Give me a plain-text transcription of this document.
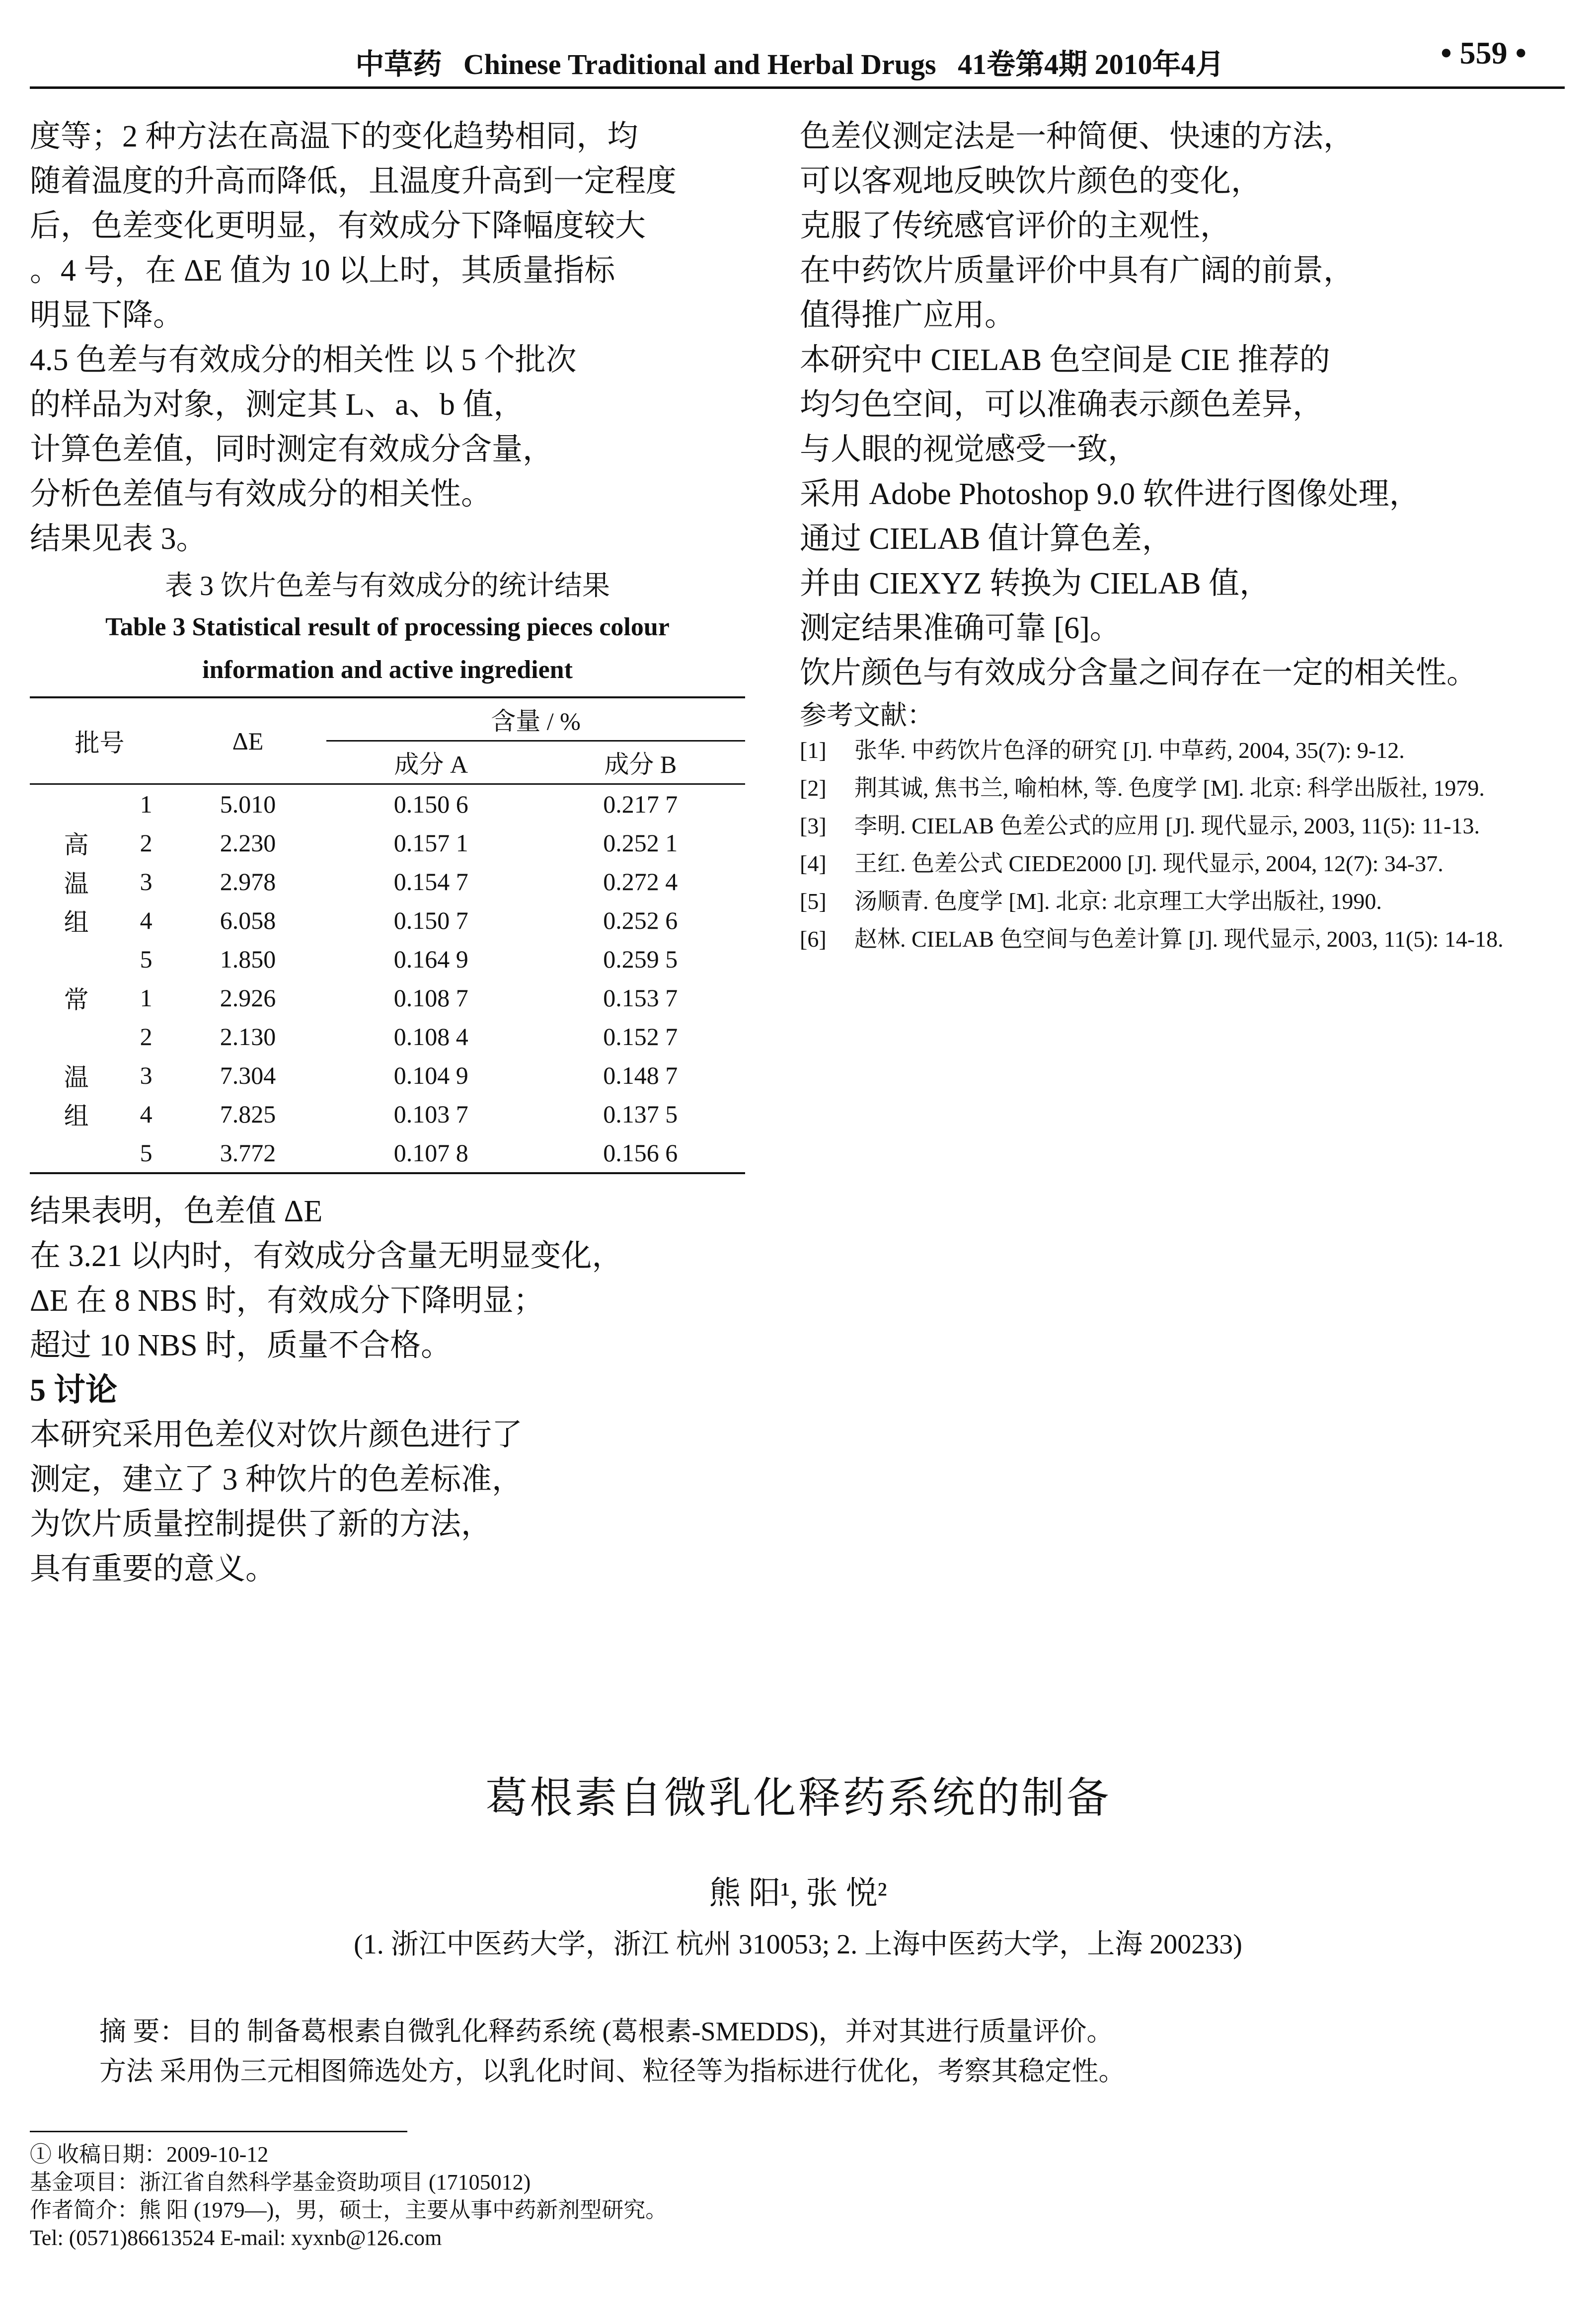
中草药 Chinese Traditional and Herbal Drugs 41卷第4期 2010年4月	• 559 •
度等；2 种方法在高温下的变化趋势相同，均
随着温度的升高而降低，且温度升高到一定程度
后，色差变化更明显，有效成分下降幅度较大
。4 号，在 ΔE 值为 10 以上时，其质量指标
明显下降。
4.5 色差与有效成分的相关性 以 5 个批次
的样品为对象，测定其 L、a、b 值，
计算色差值，同时测定有效成分含量，
分析色差值与有效成分的相关性。
结果见表 3。
表 3 饮片色差与有效成分的统计结果
Table 3 Statistical result of processing pieces colour
information and active ingredient
批号		ΔE	含量 / %	
			成分 A	成分 B
	1	5.010	0.150 6	0.217 7
高	2	2.230	0.157 1	0.252 1
温	3	2.978	0.154 7	0.272 4
组	4	6.058	0.150 7	0.252 6
	5	1.850	0.164 9	0.259 5
常	1	2.926	0.108 7	0.153 7
	2	2.130	0.108 4	0.152 7
温	3	7.304	0.104 9	0.148 7
组	4	7.825	0.103 7	0.137 5
	5	3.772	0.107 8	0.156 6
结果表明，色差值 ΔE
在 3.21 以内时，有效成分含量无明显变化，
ΔE 在 8 NBS 时，有效成分下降明显；
超过 10 NBS 时，质量不合格。
5 讨论
本研究采用色差仪对饮片颜色进行了
测定，建立了 3 种饮片的色差标准，
为饮片质量控制提供了新的方法，
具有重要的意义。
色差仪测定法是一种简便、快速的方法，
可以客观地反映饮片颜色的变化，
克服了传统感官评价的主观性，
在中药饮片质量评价中具有广阔的前景，
值得推广应用。
本研究中 CIELAB 色空间是 CIE 推荐的
均匀色空间，可以准确表示颜色差异，
与人眼的视觉感受一致，
采用 Adobe Photoshop 9.0 软件进行图像处理，
通过 CIELAB 值计算色差，
并由 CIEXYZ 转换为 CIELAB 值，
测定结果准确可靠 [6]。
饮片颜色与有效成分含量之间存在一定的相关性。
参考文献：
[1]	张华. 中药饮片色泽的研究 [J]. 中草药, 2004, 35(7): 9-12.
[2]	荆其诚, 焦书兰, 喻柏林, 等. 色度学 [M]. 北京: 科学出版社, 1979.
[3]	李明. CIELAB 色差公式的应用 [J]. 现代显示, 2003, 11(5): 11-13.
[4]	王红. 色差公式 CIEDE2000 [J]. 现代显示, 2004, 12(7): 34-37.
[5]	汤顺青. 色度学 [M]. 北京: 北京理工大学出版社, 1990.
[6]	赵林. CIELAB 色空间与色差计算 [J]. 现代显示, 2003, 11(5): 14-18.
葛根素自微乳化释药系统的制备
熊 阳¹, 张 悦²
(1. 浙江中医药大学，浙江 杭州 310053; 2. 上海中医药大学，上海 200233)
摘 要：目的 制备葛根素自微乳化释药系统 (葛根素-SMEDDS)，并对其进行质量评价。
方法 采用伪三元相图筛选处方，以乳化时间、粒径等为指标进行优化，考察其稳定性。
① 收稿日期：2009-10-12
基金项目：浙江省自然科学基金资助项目 (17105012)
作者简介：熊 阳 (1979—)，男，硕士，主要从事中药新剂型研究。
Tel: (0571)86613524 E-mail: xyxnb@126.com
